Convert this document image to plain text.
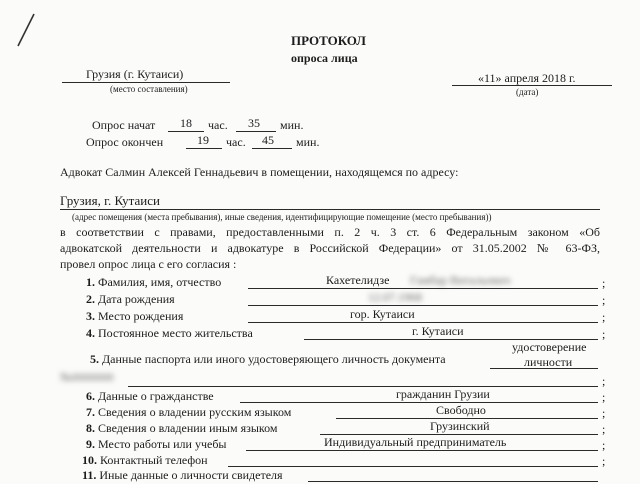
ПРОТОКОЛ
опроса лица
Грузия (г. Кутаиси)
(место составления)
«11» апреля 2018 г.
(дата)
Опрос начат 18 час. 35 мин.
Опрос окончен	19 час. 45 мин.
Адвокат Салмин Алексей Геннадьевич в помещении, находящемся по адресу:
Грузия, г. Кутаиси
(адрес помещения (места пребывания), иные сведения, идентифицирующие помещение (место пребывания))
в соответствии с правами, предоставленными п. 2 ч. 3 ст. 6 Федеральным законом «Об
адвокатской деятельности и адвокатуре в Российской Федерации» от 31.05.2002 № 63-ФЗ,
провел опрос лица с его согласия :
1. Фамилия, имя, отчество	Кахетелидзе Гамбар Витальевич	;
2. Дата рождения	12.07.1968	;
3. Место рождения	гор. Кутаиси	;
4. Постоянное место жительства	г. Кутаиси	;
5. Данные паспорта или иного удостоверяющего личность документа
удостоверение
личности
№0000000	;
6. Данные о гражданстве	гражданин Грузии	;
7. Сведения о владении русским языком	Свободно	;
8. Сведения о владении иным языком	Грузинский	;
9. Место работы или учебы	Индивидуальный предприниматель	;
10. Контактный телефон	;
11. Иные данные о личности свидетеля
